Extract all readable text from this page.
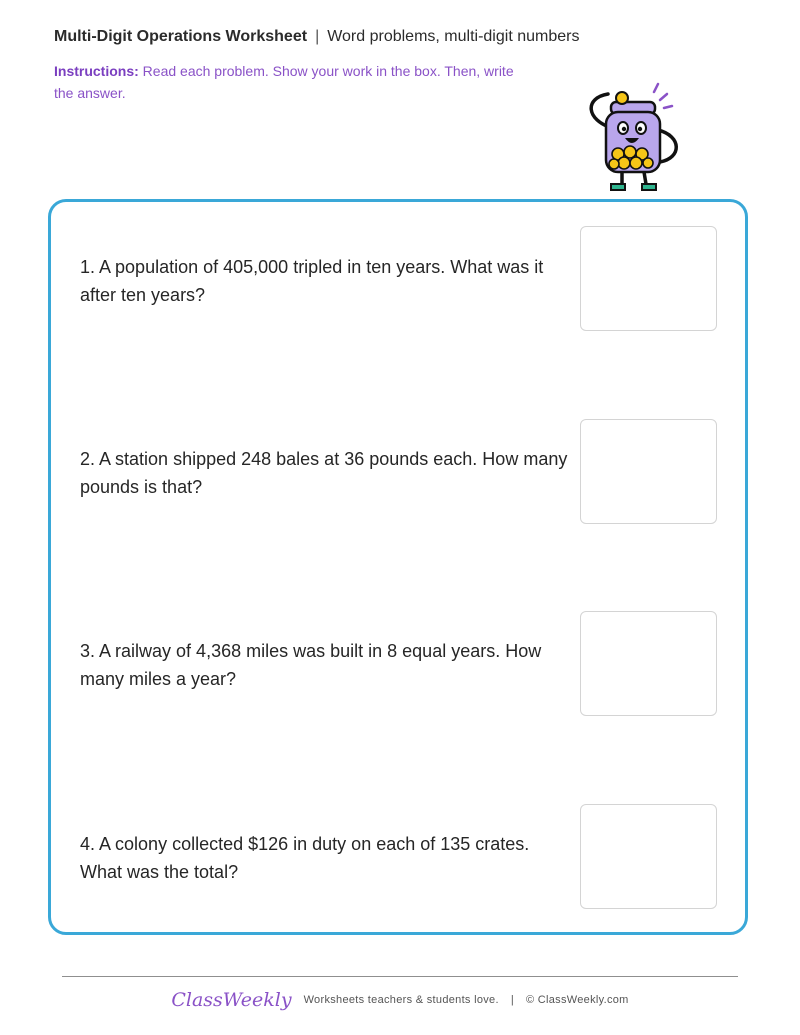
Multi-Digit Operations Worksheet | Word problems, multi-digit numbers
Instructions: Read each problem. Show your work in the box. Then, write the answer.
1. A population of 405,000 tripled in ten years. What was it after ten years?
2. A station shipped 248 bales at 36 pounds each. How many pounds is that?
3. A railway of 4,368 miles was built in 8 equal years. How many miles a year?
4. A colony collected $126 in duty on each of 135 crates. What was the total?
ClassWeekly Worksheets teachers & students love. | © ClassWeekly.com
